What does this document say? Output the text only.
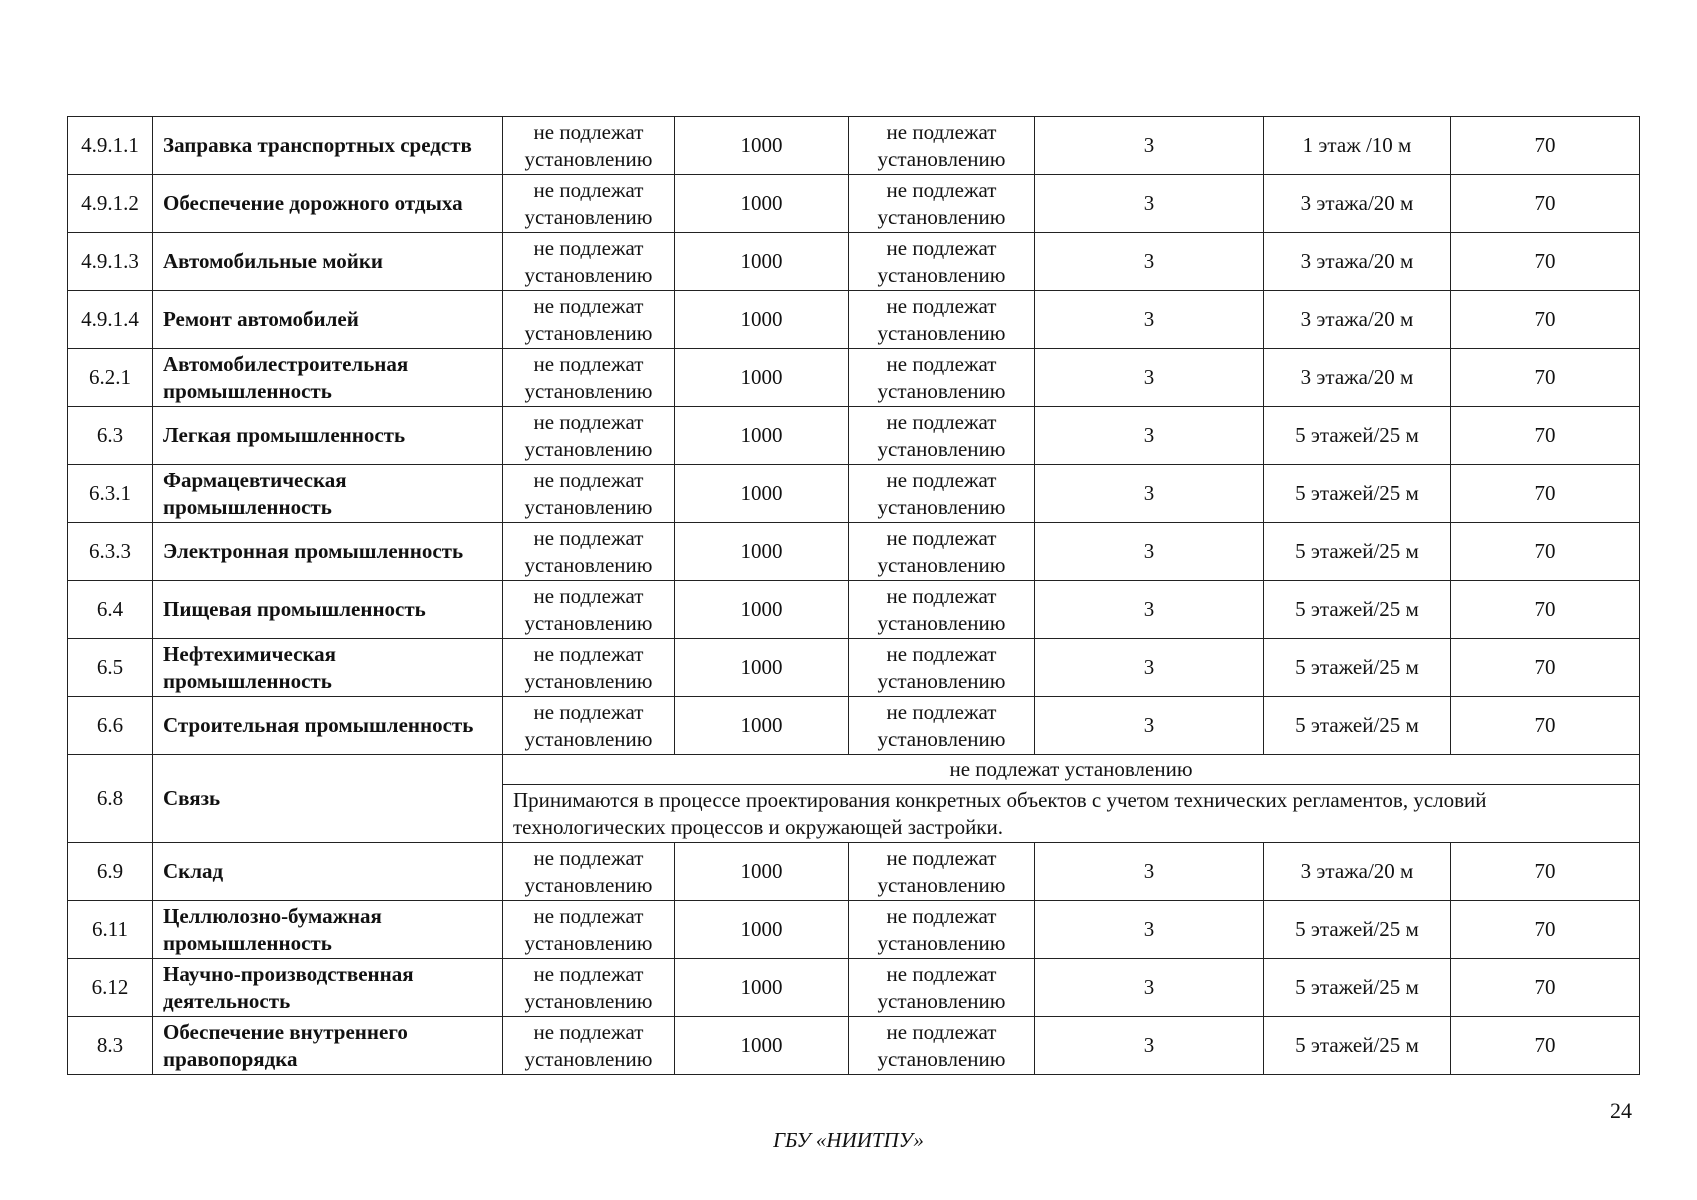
4.9.1.1	Заправка транспортных средств	не подлежат установлению	1000	не подлежат установлению	3	1 этаж /10 м	70
4.9.1.2	Обеспечение дорожного отдыха	не подлежат установлению	1000	не подлежат установлению	3	3 этажа/20 м	70
4.9.1.3	Автомобильные мойки	не подлежат установлению	1000	не подлежат установлению	3	3 этажа/20 м	70
4.9.1.4	Ремонт автомобилей	не подлежат установлению	1000	не подлежат установлению	3	3 этажа/20 м	70
6.2.1	Автомобилестроительная промышленность	не подлежат установлению	1000	не подлежат установлению	3	3 этажа/20 м	70
6.3	Легкая промышленность	не подлежат установлению	1000	не подлежат установлению	3	5 этажей/25 м	70
6.3.1	Фармацевтическая промышленность	не подлежат установлению	1000	не подлежат установлению	3	5 этажей/25 м	70
6.3.3	Электронная промышленность	не подлежат установлению	1000	не подлежат установлению	3	5 этажей/25 м	70
6.4	Пищевая промышленность	не подлежат установлению	1000	не подлежат установлению	3	5 этажей/25 м	70
6.5	Нефтехимическая промышленность	не подлежат установлению	1000	не подлежат установлению	3	5 этажей/25 м	70
6.6	Строительная промышленность	не подлежат установлению	1000	не подлежат установлению	3	5 этажей/25 м	70
6.8	Связь	не подлежат установлению					
		Принимаются в процессе проектирования конкретных объектов с учетом технических регламентов, условий технологических процессов и окружающей застройки.					
6.9	Склад	не подлежат установлению	1000	не подлежат установлению	3	3 этажа/20 м	70
6.11	Целлюлозно-бумажная промышленность	не подлежат установлению	1000	не подлежат установлению	3	5 этажей/25 м	70
6.12	Научно-производственная деятельность	не подлежат установлению	1000	не подлежат установлению	3	5 этажей/25 м	70
8.3	Обеспечение внутреннего правопорядка	не подлежат установлению	1000	не подлежат установлению	3	5 этажей/25 м	70
24
ГБУ «НИИТПУ»
